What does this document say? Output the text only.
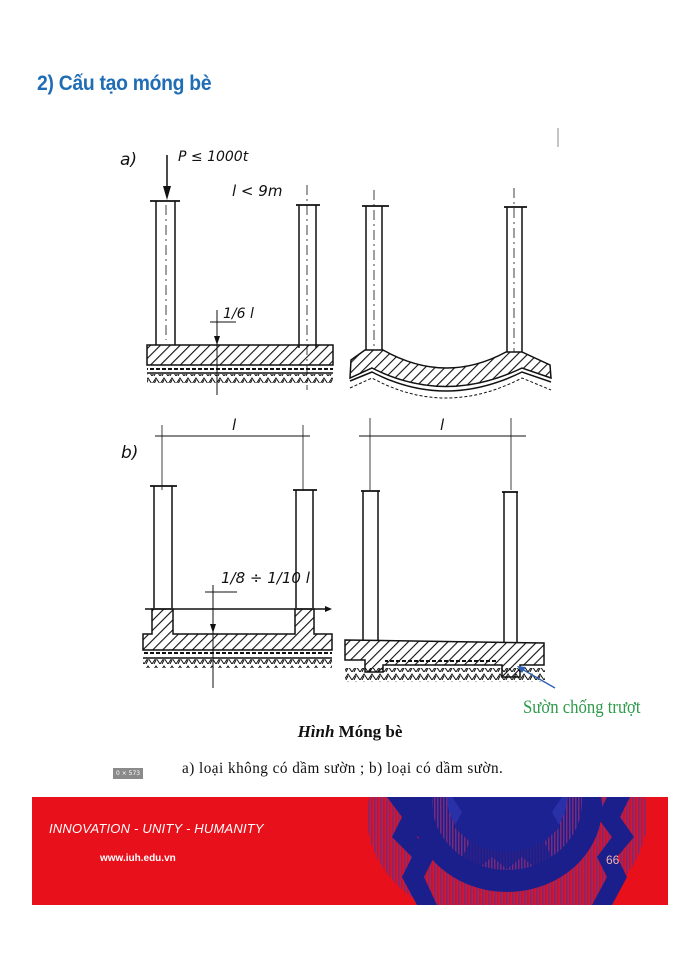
2) Cấu tạo móng bè
1/6 l
a)	P ≤ 1000t
l < 9m
b)
l
1/8 ÷ 1/10 l
l
Sườn chống trượt
Hình Móng bè
a) loại không có dầm sườn ; b) loại có dầm sườn.
0 × 573
INNOVATION - UNITY - HUMANITY
www.iuh.edu.vn	66
